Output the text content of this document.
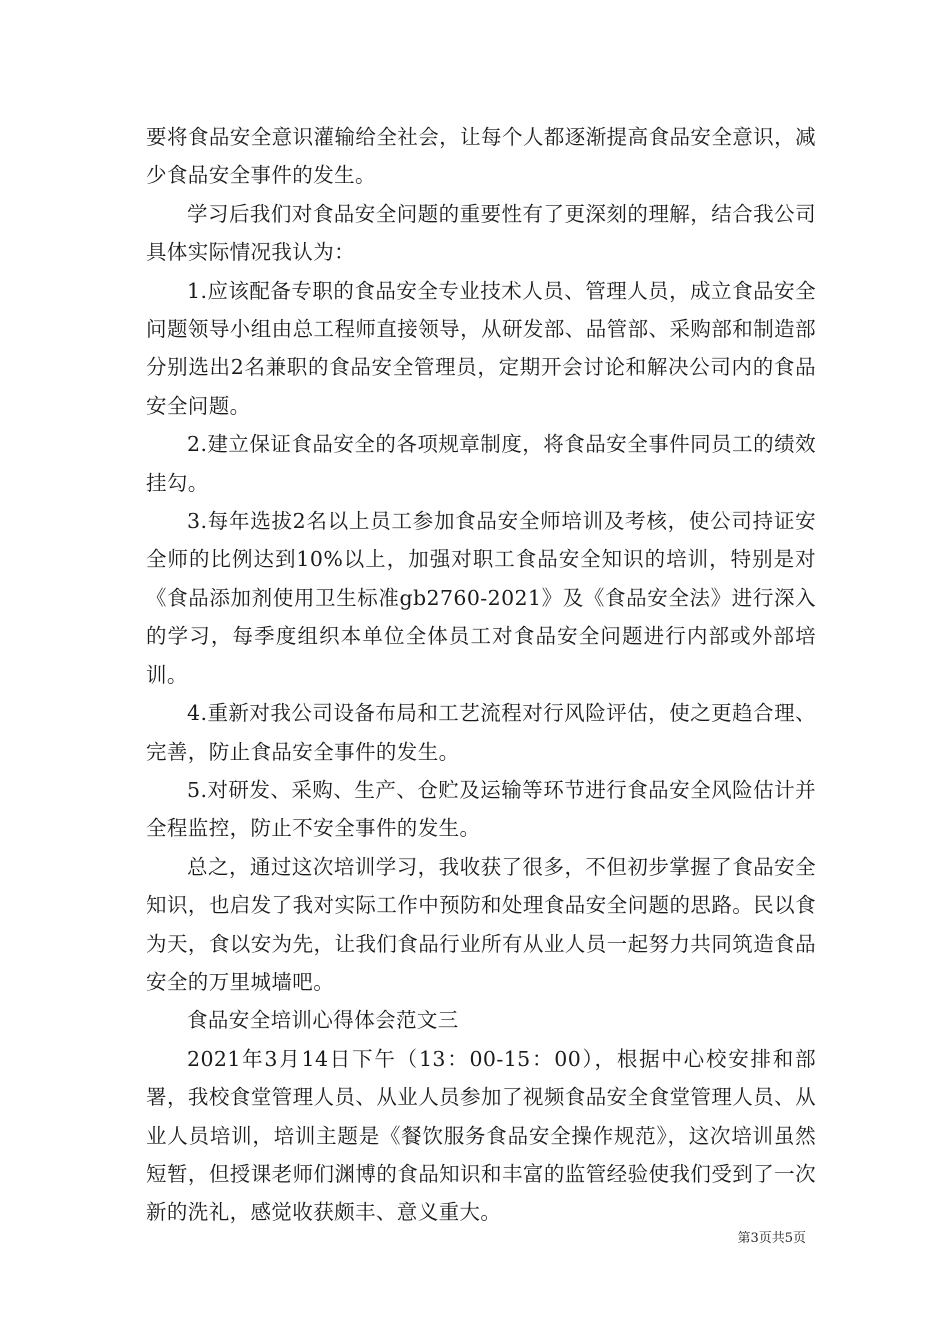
要将食品安全意识灌输给全社会，让每个人都逐渐提高食品安全意识，减少食品安全事件的发生。

学习后我们对食品安全问题的重要性有了更深刻的理解，结合我公司具体实际情况我认为：

1.应该配备专职的食品安全专业技术人员、管理人员，成立食品安全问题领导小组由总工程师直接领导，从研发部、品管部、采购部和制造部分别选出2名兼职的食品安全管理员，定期开会讨论和解决公司内的食品安全问题。

2.建立保证食品安全的各项规章制度，将食品安全事件同员工的绩效挂勾。

3.每年选拔2名以上员工参加食品安全师培训及考核，使公司持证安全师的比例达到10%以上，加强对职工食品安全知识的培训，特别是对《食品添加剂使用卫生标准gb2760-2021》及《食品安全法》进行深入的学习，每季度组织本单位全体员工对食品安全问题进行内部或外部培训。

4.重新对我公司设备布局和工艺流程对行风险评估，使之更趋合理、完善，防止食品安全事件的发生。

5.对研发、采购、生产、仓贮及运输等环节进行食品安全风险估计并全程监控，防止不安全事件的发生。

总之，通过这次培训学习，我收获了很多，不但初步掌握了食品安全知识，也启发了我对实际工作中预防和处理食品安全问题的思路。民以食为天，食以安为先，让我们食品行业所有从业人员一起努力共同筑造食品安全的万里城墙吧。

食品安全培训心得体会范文三

2021年3月14日下午（13：00-15：00），根据中心校安排和部署，我校食堂管理人员、从业人员参加了视频食品安全食堂管理人员、从业人员培训，培训主题是《餐饮服务食品安全操作规范》，这次培训虽然短暂，但授课老师们渊博的食品知识和丰富的监管经验使我们受到了一次新的洗礼，感觉收获颇丰、意义重大。

第3页共5页
